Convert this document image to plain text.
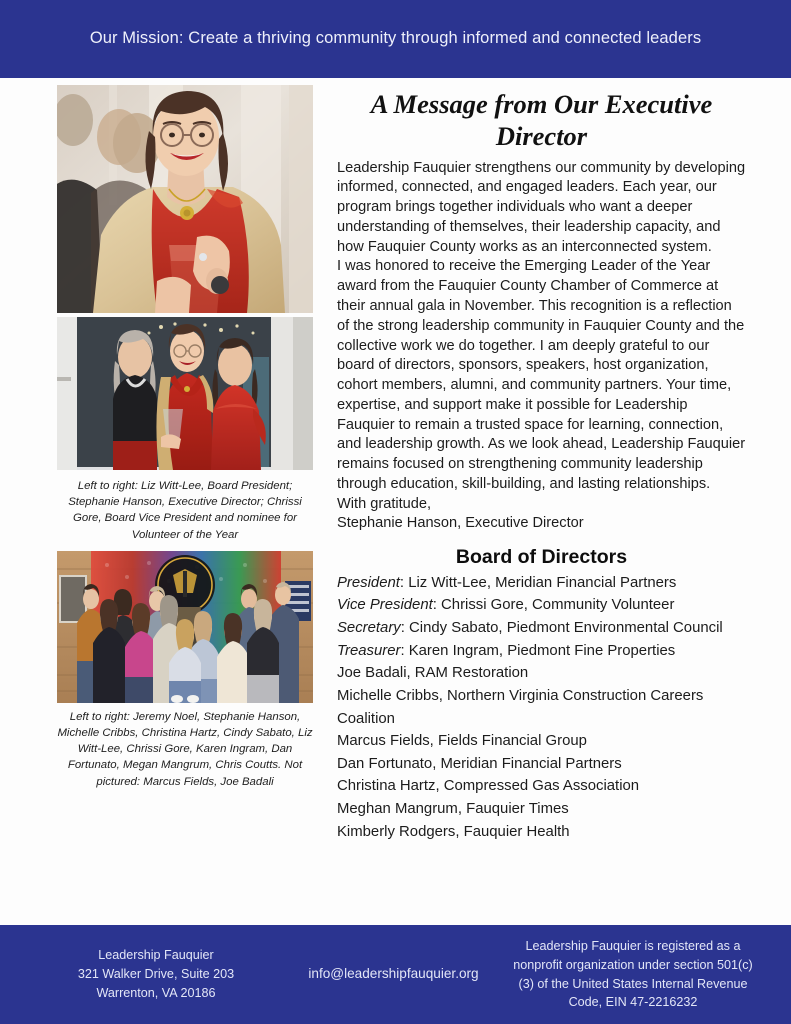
Our Mission: Create a thriving community through informed and connected leaders
Left to right: Liz Witt-Lee, Board President; Stephanie Hanson, Executive Director; Chrissi Gore, Board Vice President and nominee for Volunteer of the Year
Left to right: Jeremy Noel, Stephanie Hanson, Michelle Cribbs, Christina Hartz, Cindy Sabato, Liz Witt-Lee, Chrissi Gore, Karen Ingram, Dan Fortunato, Megan Mangrum, Chris Coutts. Not pictured: Marcus Fields, Joe Badali
A Message from Our Executive Director

Leadership Fauquier strengthens our community by developing informed, connected, and engaged leaders. Each year, our program brings together individuals who want a deeper understanding of themselves, their leadership capacity, and how Fauquier County works as an interconnected system.

I was honored to receive the Emerging Leader of the Year award from the Fauquier County Chamber of Commerce at their annual gala in November. This recognition is a reflection of the strong leadership community in Fauquier County and the collective work we do together. I am deeply grateful to our board of directors, sponsors, speakers, host organization, cohort members, alumni, and community partners. Your time, expertise, and support make it possible for Leadership Fauquier to remain a trusted space for learning, connection, and leadership growth. As we look ahead, Leadership Fauquier remains focused on strengthening community leadership through education, skill-building, and lasting relationships.

With gratitude,

Stephanie Hanson, Executive Director

Board of Directors
President: Liz Witt-Lee, Meridian Financial Partners
Vice President: Chrissi Gore, Community Volunteer
Secretary: Cindy Sabato, Piedmont Environmental Council
Treasurer: Karen Ingram, Piedmont Fine Properties
Joe Badali, RAM Restoration
Michelle Cribbs, Northern Virginia Construction Careers Coalition
Marcus Fields, Fields Financial Group
Dan Fortunato, Meridian Financial Partners
Christina Hartz, Compressed Gas Association
Meghan Mangrum, Fauquier Times
Kimberly Rodgers, Fauquier Health
Leadership Fauquier
321 Walker Drive, Suite 203
Warrenton, VA 20186
info@leadershipfauquier.org
Leadership Fauquier is registered as a
nonprofit organization under section 501(c)
(3) of the United States Internal Revenue
Code, EIN 47-2216232
